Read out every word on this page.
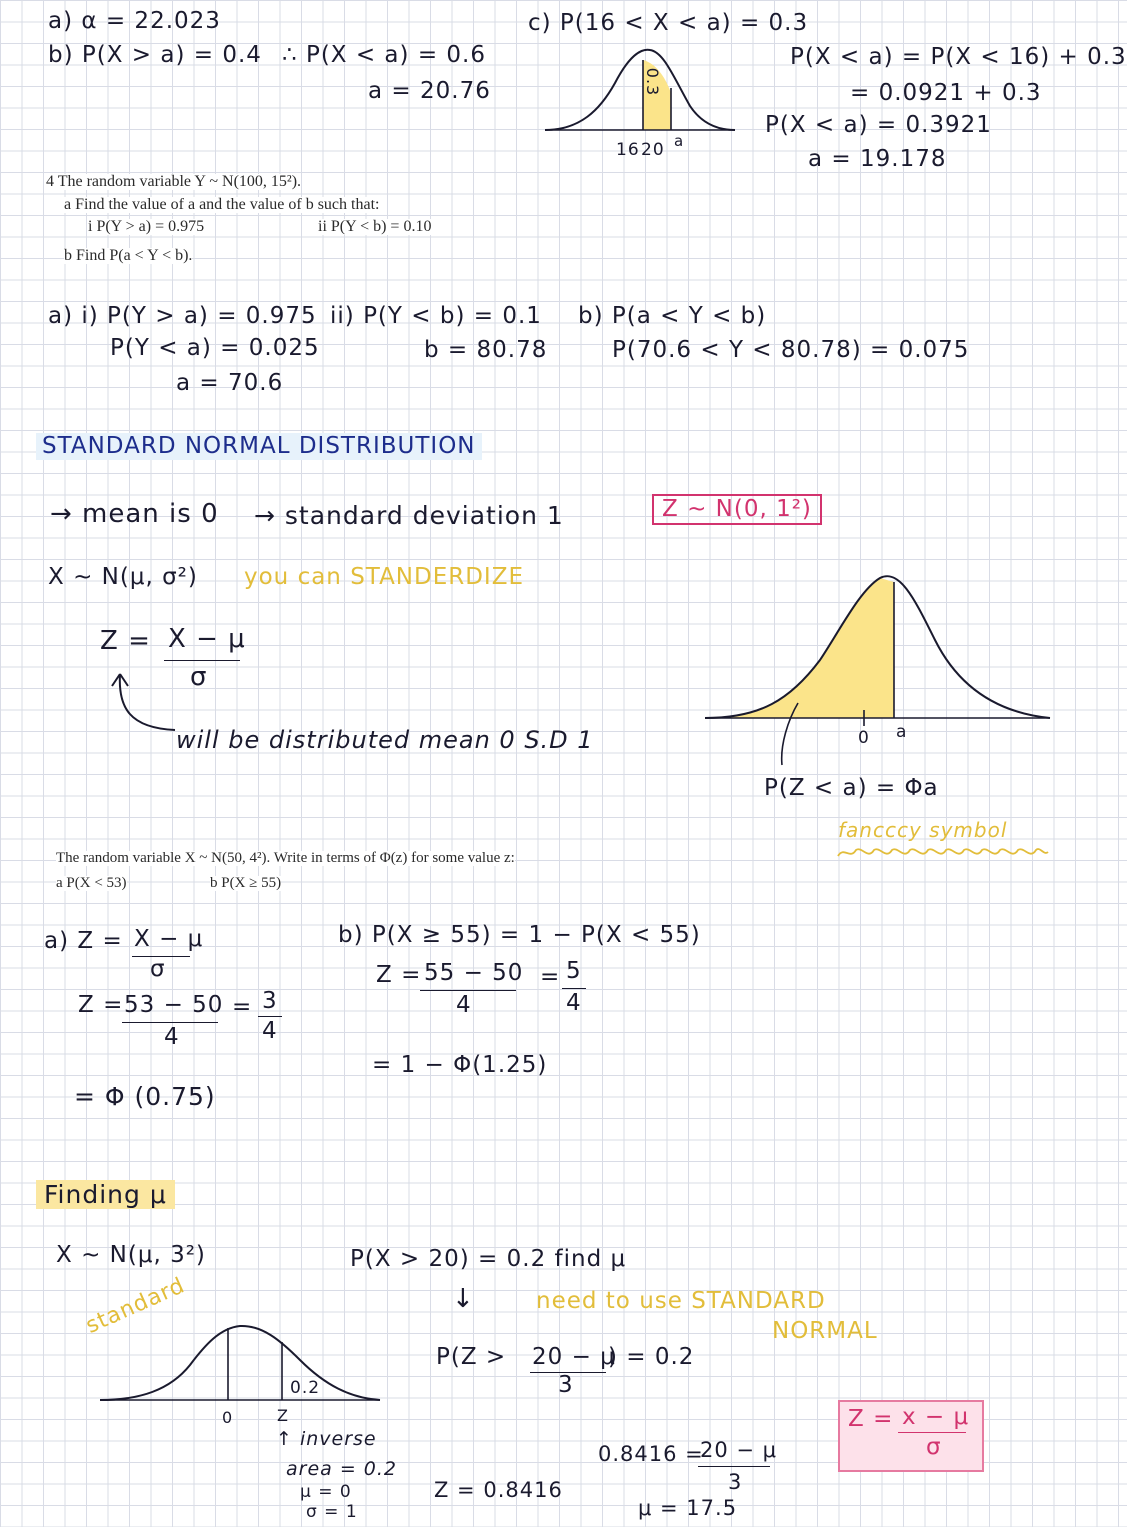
a) α = 22.023
b) P(X > a) = 0.4 ∴ P(X < a) = 0.6
a = 20.76
c) P(16 < X < a) = 0.3
P(X < a) = P(X < 16) + 0.3
= 0.0921 + 0.3
P(X < a) = 0.3921
a = 19.178
0.3
16 20 a
4 The random variable Y ~ N(100, 15²).
a Find the value of a and the value of b such that:
i P(Y > a) = 0.975	ii P(Y < b) = 0.10
b Find P(a < Y < b).
a) i) P(Y > a) = 0.975
P(Y < a) = 0.025
a = 70.6
ii) P(Y < b) = 0.1
b = 80.78
b) P(a < Y < b)
P(70.6 < Y < 80.78) = 0.075
STANDARD NORMAL DISTRIBUTION
→ mean is 0 → standard deviation 1	Z ~ N(0, 1²)
X ~ N(μ, σ²) you can STANDERDIZE
Z = X − μ
σ
will be distributed mean 0 S.D 1	0 a
P(Z < a) = Φa
fancccy symbol
The random variable X ~ N(50, 4²). Write in terms of Φ(z) for some value z:
a P(X < 53)	b P(X ≥ 55)
a) Z = X − μ
σ
Z = 53 − 50
4
= 3
4
= Φ (0.75)
b) P(X ≥ 55) = 1 − P(X < 55)
Z = 55 − 50
4
= 5
4
= 1 − Φ(1.25)
Finding μ
X ~ N(μ, 3²)
standard
0.2
0	Z
↑ inverse
area = 0.2
μ = 0
σ = 1
P(X > 20) = 0.2 find μ
↓	need to use STANDARD
NORMAL
P(Z > 20 − μ
3
) = 0.2
Z = 0.8416
0.8416 =
20 − μ
3
μ = 17.5
Z = x − μ
σ
